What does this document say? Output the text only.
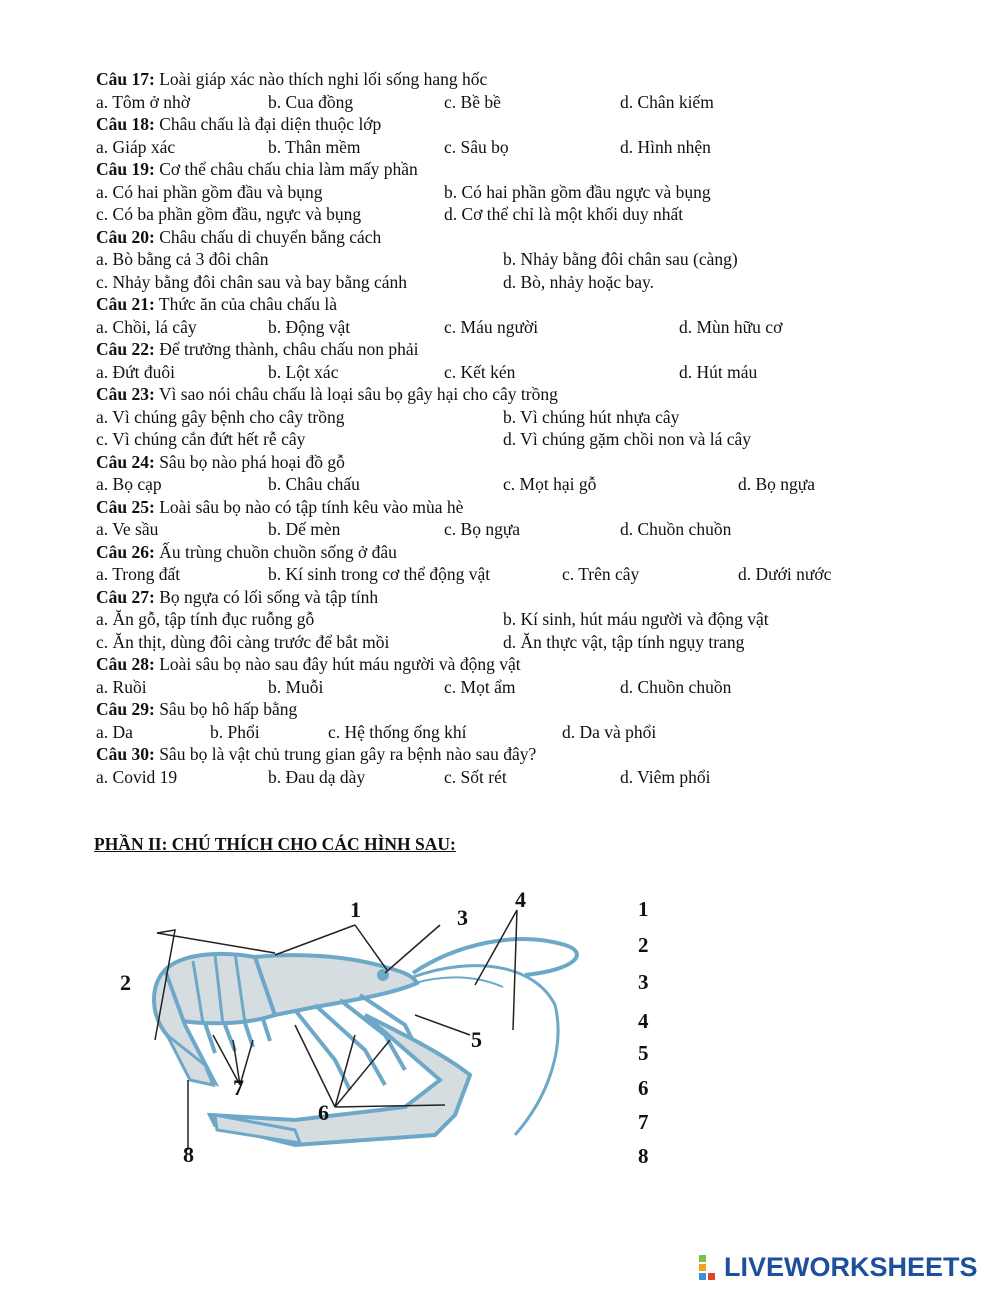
Câu 17: Loài giáp xác nào thích nghi lối sống hang hốc
a. Tôm ở nhờ	b. Cua đồng	c. Bề bề	d. Chân kiếm
Câu 18: Châu chấu là đại diện thuộc lớp
a. Giáp xác	b. Thân mềm	c. Sâu bọ	d. Hình nhện
Câu 19: Cơ thể châu chấu chia làm mấy phần
a. Có hai phần gồm đầu và bụng	b. Có hai phần gồm đầu ngực và bụng
c. Có ba phần gồm đầu, ngực và bụng	d. Cơ thể chỉ là một khối duy nhất
Câu 20: Châu chấu di chuyển bằng cách
a. Bò bằng cả 3 đôi chân	b. Nhảy bằng đôi chân sau (càng)
c. Nhảy bằng đôi chân sau và bay bằng cánh	d. Bò, nhảy hoặc bay.
Câu 21: Thức ăn của châu chấu là
a. Chồi, lá cây	b. Động vật	c. Máu người	d. Mùn hữu cơ
Câu 22: Để trưởng thành, châu chấu non phải
a. Đứt đuôi	b. Lột xác	c. Kết kén	d. Hút máu
Câu 23: Vì sao nói châu chấu là loại sâu bọ gây hại cho cây trồng
a. Vì chúng gây bệnh cho cây trồng	b. Vì chúng hút nhựa cây
c. Vì chúng cắn đứt hết rễ cây	d. Vì chúng gặm chồi non và lá cây
Câu 24: Sâu bọ nào phá hoại đồ gỗ
a. Bọ cạp	b. Châu chấu	c. Mọt hại gỗ	d. Bọ ngựa
Câu 25: Loài sâu bọ nào có tập tính kêu vào mùa hè
a. Ve sầu	b. Dế mèn	c. Bọ ngựa	d. Chuồn chuồn
Câu 26: Ấu trùng chuồn chuồn sống ở đâu
a. Trong đất	b. Kí sinh trong cơ thể động vật	c. Trên cây	d. Dưới nước
Câu 27: Bọ ngựa có lối sống và tập tính
a. Ăn gỗ, tập tính đục ruỗng gỗ	b. Kí sinh, hút máu người và động vật
c. Ăn thịt, dùng đôi càng trước để bắt mồi	d. Ăn thực vật, tập tính ngụy trang
Câu 28: Loài sâu bọ nào sau đây hút máu người và động vật
a. Ruồi	b. Muỗi	c. Mọt ẩm	d. Chuồn chuồn
Câu 29: Sâu bọ hô hấp bằng
a. Da	b. Phổi	c. Hệ thống ống khí	d. Da và phổi
Câu 30: Sâu bọ là vật chủ trung gian gây ra bệnh nào sau đây?
a. Covid 19	b. Đau dạ dày	c. Sốt rét	d. Viêm phổi
PHẦN II: CHÚ THÍCH CHO CÁC HÌNH SAU:
1
2
3
4
5
6
7
8
1
2
3
4
5
6
7
8
LIVEWORKSHEETS
